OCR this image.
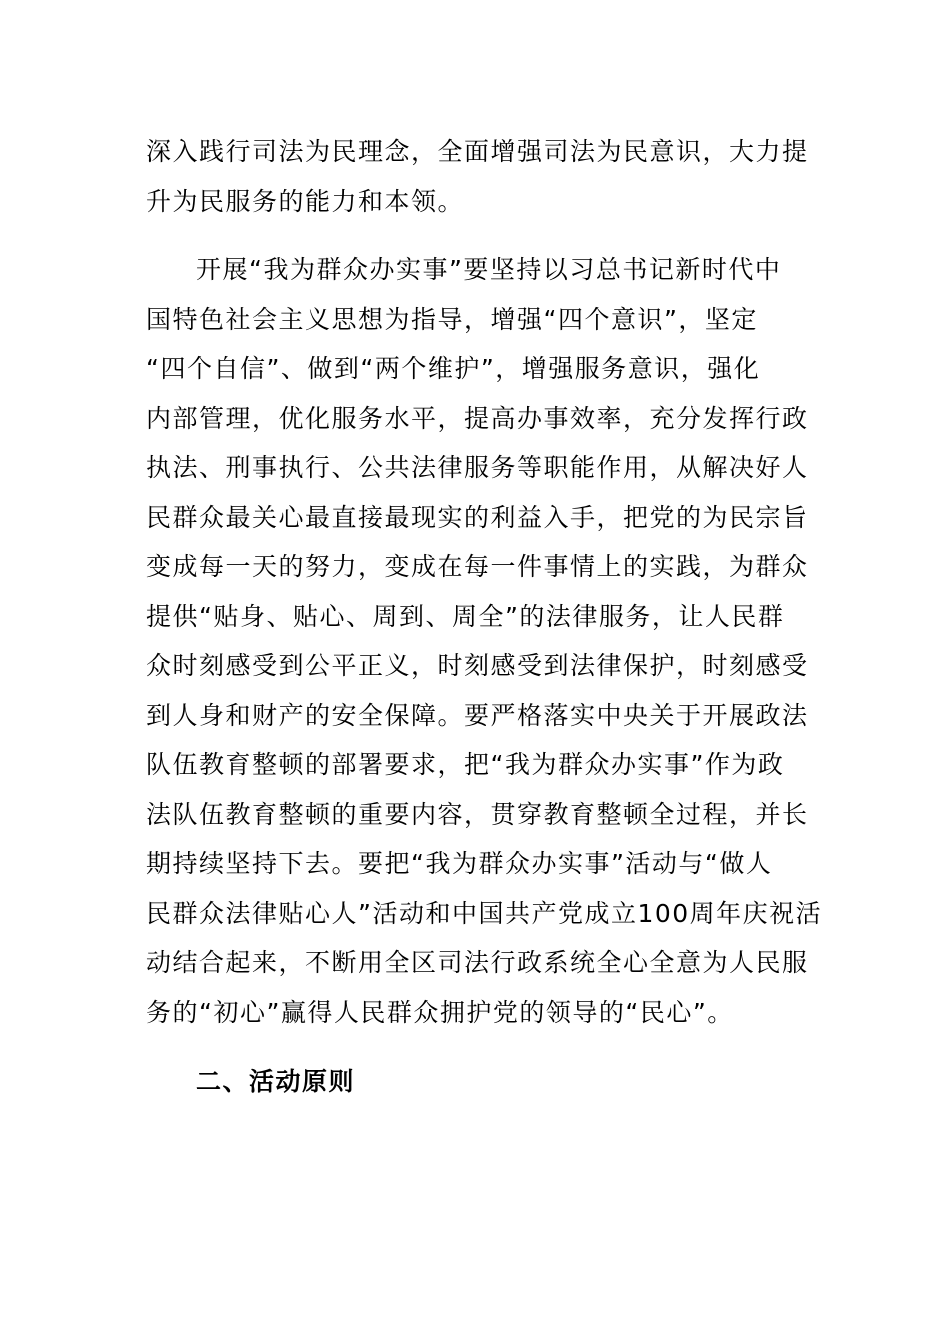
深入践行司法为民理念，全面增强司法为民意识，大力提
升为民服务的能力和本领。
开展“我为群众办实事”要坚持以习总书记新时代中
国特色社会主义思想为指导，增强“四个意识”，坚定
“四个自信”、做到“两个维护”，增强服务意识，强化
内部管理，优化服务水平，提高办事效率，充分发挥行政
执法、刑事执行、公共法律服务等职能作用，从解决好人
民群众最关心最直接最现实的利益入手，把党的为民宗旨
变成每一天的努力，变成在每一件事情上的实践，为群众
提供“贴身、贴心、周到、周全”的法律服务，让人民群
众时刻感受到公平正义，时刻感受到法律保护，时刻感受
到人身和财产的安全保障。要严格落实中央关于开展政法
队伍教育整顿的部署要求，把“我为群众办实事”作为政
法队伍教育整顿的重要内容，贯穿教育整顿全过程，并长
期持续坚持下去。要把“我为群众办实事”活动与“做人
民群众法律贴心人”活动和中国共产党成立100周年庆祝活
动结合起来，不断用全区司法行政系统全心全意为人民服
务的“初心”赢得人民群众拥护党的领导的“民心”。
二、活动原则
